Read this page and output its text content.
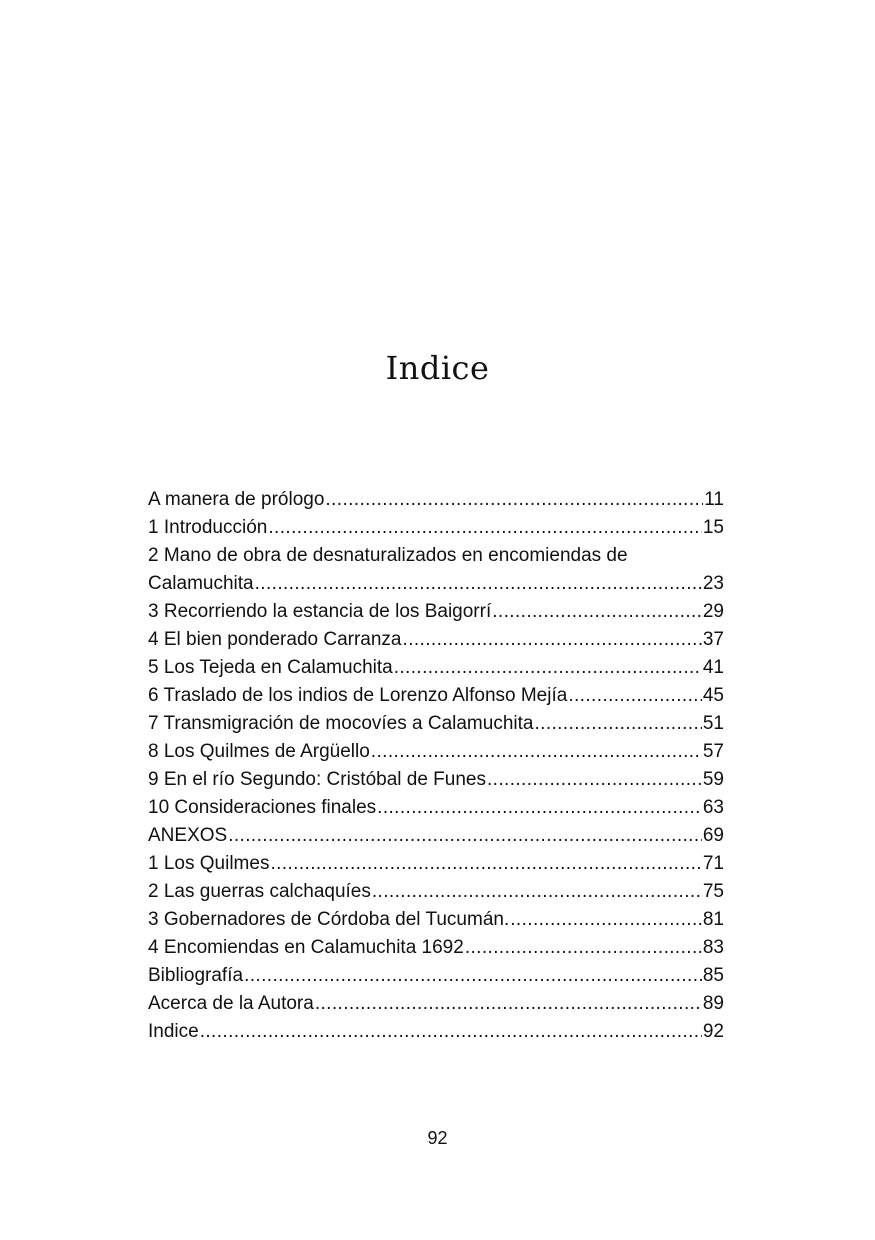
Indice
A manera de prólogo .....	11
1 Introducción .....	15
2 Mano de obra de desnaturalizados en encomiendas de
Calamuchita .....	23
3 Recorriendo la estancia de los Baigorrí .....	29
4 El bien ponderado Carranza .....	37
5 Los Tejeda en Calamuchita .....	41
6 Traslado de los indios de Lorenzo Alfonso Mejía .....	45
7 Transmigración de mocovíes a Calamuchita .....	51
8 Los Quilmes de Argüello .....	57
9 En el río Segundo: Cristóbal de Funes .....	59
10 Consideraciones finales .....	63
ANEXOS .....	69
1 Los Quilmes .....	71
2 Las guerras calchaquíes .....	75
3 Gobernadores de Córdoba del Tucumán. .....	81
4 Encomiendas en Calamuchita 1692 .....	83
Bibliografía .....	85
Acerca de la Autora .....	89
Indice .....	92
92
